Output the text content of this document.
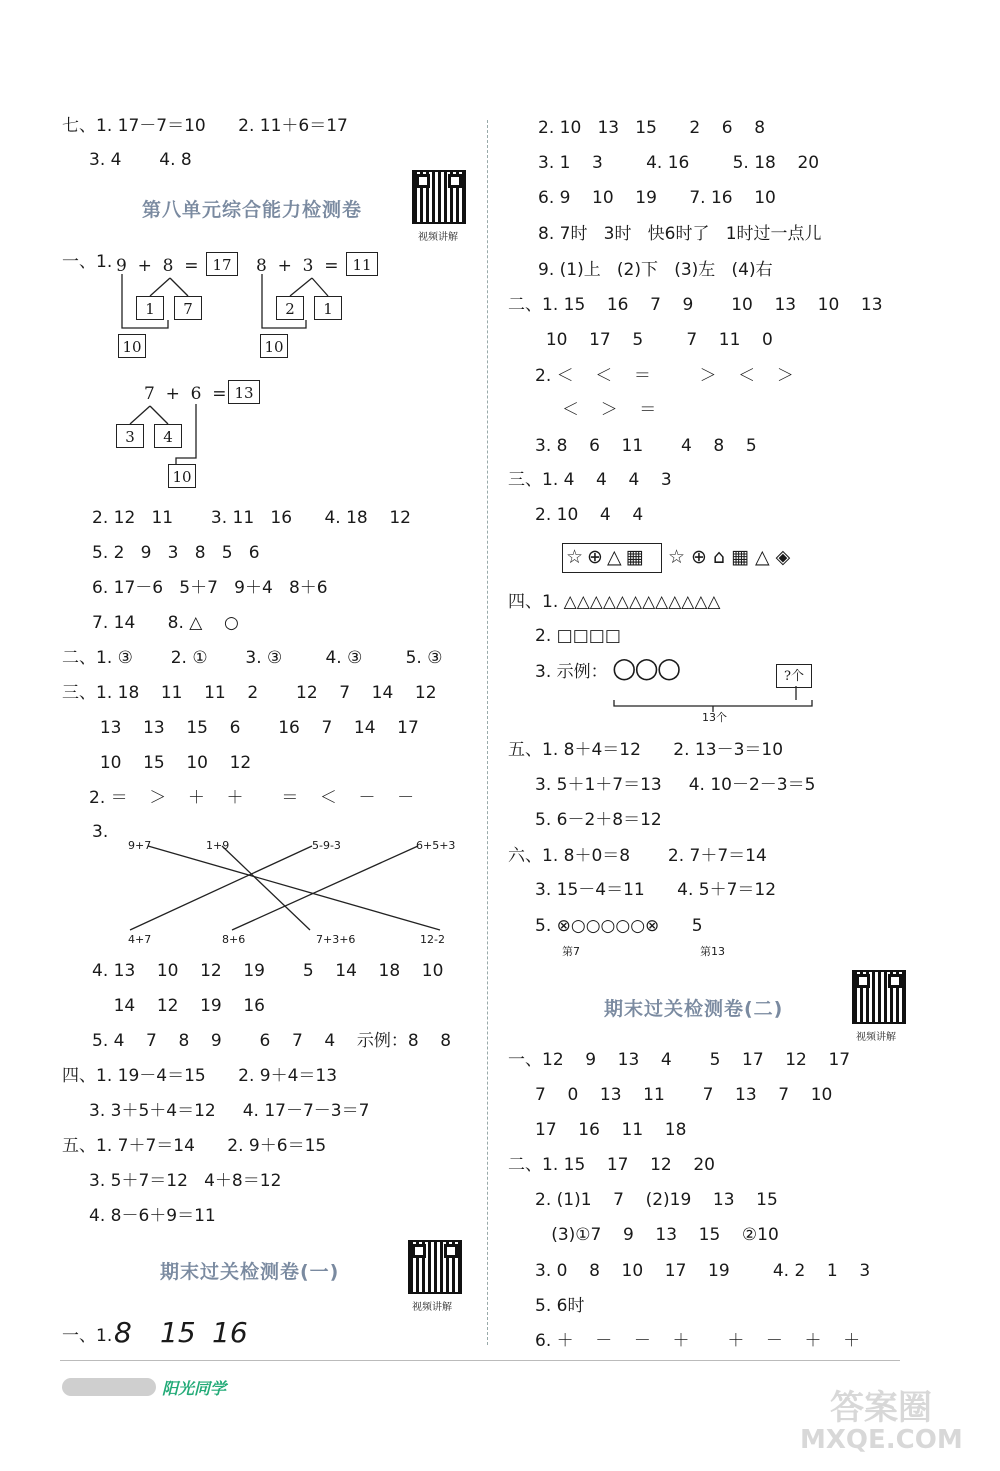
七、1. 17－7＝10      2. 11＋6＝17
3. 4       4. 8
第八单元综合能力检测卷
视频讲解
一、1. 9  +  8  = 17
1	7
10
8  +  3  = 11
2	1
10
7  +  6  = 13
3	4
10
2. 12   11       3. 11   16      4. 18    12
5. 2   9   3   8   5   6
6. 17－6   5＋7   9＋4   8＋6
7. 14      8. △    ○
二、1. ③       2. ①       3. ③        4. ③        5. ③
三、1. 18    11    11    2       12    7    14    12
13    13    15    6       16    7    14    17
10    15    10    12
2. ＝    ＞    ＋    ＋       ＝    ＜    －    －
3.
9+7	1+9	5-9-3	6+5+3
4+7	8+6	7+3+6	12-2
4. 13    10    12    19       5    14    18    10
14    12    19    16
5. 4    7    8    9       6    7    4    示例：8    8
四、1. 19－4＝15      2. 9＋4＝13
3. 3＋5＋4＝12     4. 17－7－3＝7
五、1. 7＋7＝14      2. 9＋6＝15
3. 5＋7＝12   4＋8＝12
4. 8－6＋9＝11
期末过关检测卷(一)
视频讲解
一、1. 8 15 16
2. 10   13   15      2    6    8
3. 1    3        4. 16        5. 18    20
6. 9    10    19      7. 16    10
8. 7时   3时   快6时了   1时过一点儿
9. (1)上   (2)下   (3)左   (4)右
二、1. 15    16    7    9       10    13    10    13
10    17    5        7    11    0
2. ＜    ＜    ＝         ＞    ＜    ＞
＜    ＞    ＝
3. 8    6    11       4    8    5
三、1. 4    4    4    3
2. 10    4    4
☆⊕△▦ ☆⊕⌂▦△◈
四、1. △△△△△△△△△△△△
2. □□□□
3. 示例： ○○○	?个
13个
五、1. 8＋4＝12      2. 13－3＝10
3. 5＋1＋7＝13     4. 10－2－3＝5
5. 6－2＋8＝12
六、1. 8＋0＝8       2. 7＋7＝14
3. 15－4＝11      4. 5＋7＝12
5. ⊗○○○○○⊗      5
第7	第13
期末过关检测卷(二)
视频讲解
一、12    9    13    4       5    17    12    17
7    0    13    11       7    13    7    10
17    16    11    18
二、1. 15    17    12    20
2. (1)1    7    (2)19    13    15
(3)①7    9    13    15    ②10
3. 0    8    10    17    19        4. 2    1    3
5. 6时
6. ＋    －    －    ＋       ＋    －    ＋    ＋
阳光同学	答案圈
MXQE.COM
